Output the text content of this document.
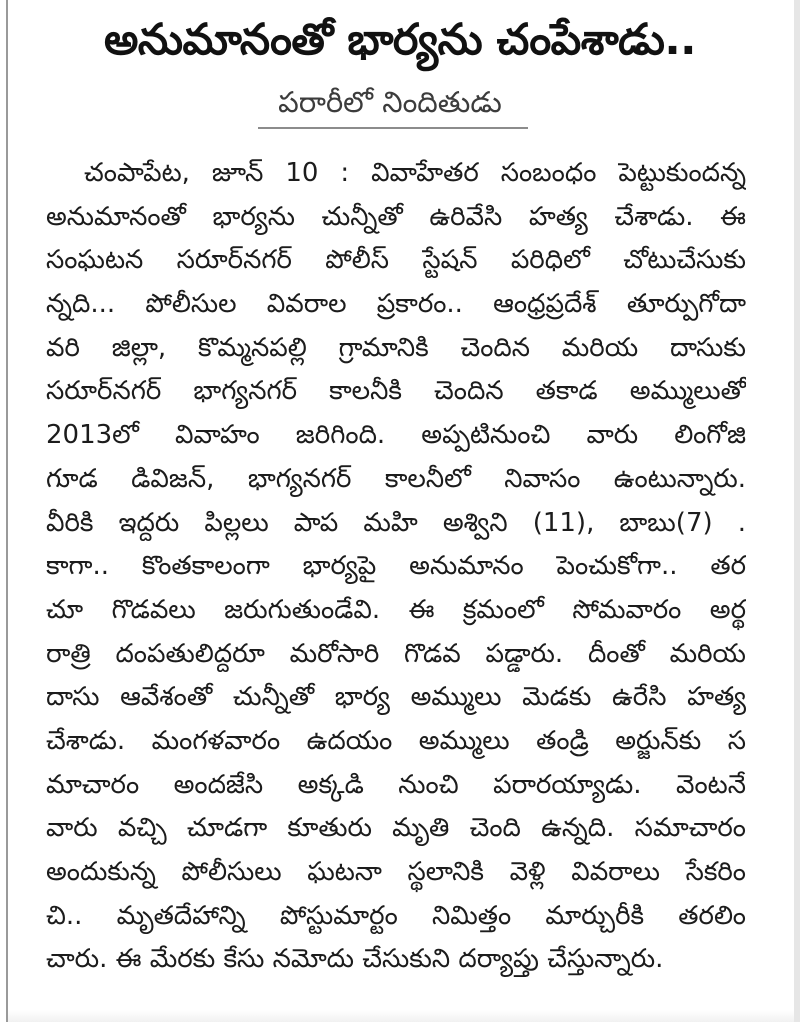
అనుమానంతో భార్యను చంపేశాడు..
పరారీలో నిందితుడు
చంపాపేట, జూన్ 10 : వివాహేతర సంబంధం పెట్టుకుందన్న
అనుమానంతో భార్యను చున్నీతో ఉరివేసి హత్య చేశాడు. ఈ
సంఘటన సరూర్‌నగర్ పోలీస్ స్టేషన్ పరిధిలో చోటుచేసుకు
న్నది... పోలీసుల వివరాల ప్రకారం.. ఆంధ్రప్రదేశ్ తూర్పుగోదా
వరి జిల్లా, కొమ్మనపల్లి గ్రామానికి చెందిన మరియ దాసుకు
సరూర్‌నగర్ భాగ్యనగర్ కాలనీకి చెందిన తకాడ అమ్ములుతో
2013లో వివాహం జరిగింది. అప్పటినుంచి వారు లింగోజి
గూడ డివిజన్, భాగ్యనగర్ కాలనీలో నివాసం ఉంటున్నారు.
వీరికి ఇద్దరు పిల్లలు పాప మహి అశ్విని (11), బాబు(7) .
కాగా.. కొంతకాలంగా భార్యపై అనుమానం పెంచుకోగా.. తర
చూ గొడవలు జరుగుతుండేవి. ఈ క్రమంలో సోమవారం అర్థ
రాత్రి దంపతులిద్దరూ మరోసారి గొడవ పడ్డారు. దీంతో మరియ
దాసు ఆవేశంతో చున్నీతో భార్య అమ్ములు మెడకు ఉరేసి హత్య
చేశాడు. మంగళవారం ఉదయం అమ్ములు తండ్రి అర్జున్‌కు స
మాచారం అందజేసి అక్కడి నుంచి పరారయ్యాడు. వెంటనే
వారు వచ్చి చూడగా కూతురు మృతి చెంది ఉన్నది. సమాచారం
అందుకున్న పోలీసులు ఘటనా స్థలానికి వెళ్లి వివరాలు సేకరిం
చి.. మృతదేహాన్ని పోస్టుమార్టం నిమిత్తం మార్చురీకి తరలిం
చారు. ఈ మేరకు కేసు నమోదు చేసుకుని దర్యాప్తు చేస్తున్నారు.
